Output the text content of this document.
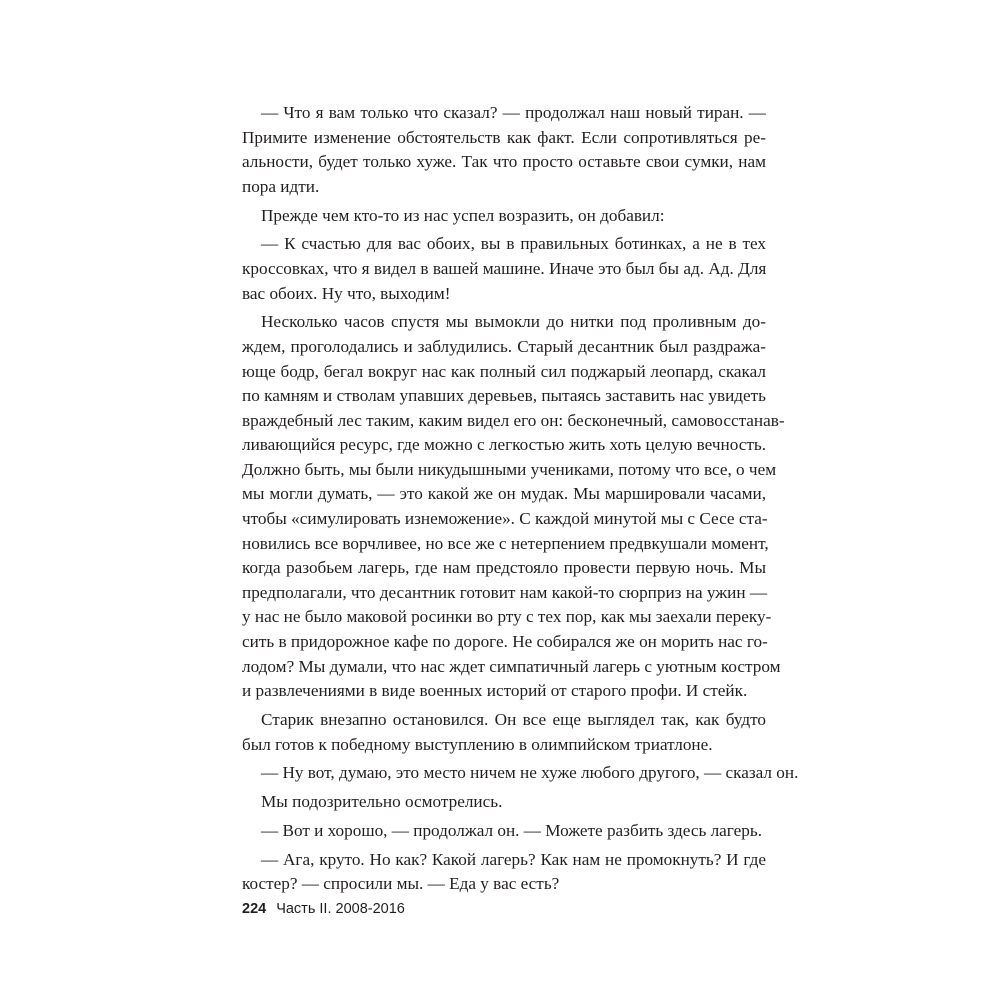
— Что я вам только что сказал? — продолжал наш новый тиран. —
Примите изменение обстоятельств как факт. Если сопротивляться ре-
альности, будет только хуже. Так что просто оставьте свои сумки, нам
пора идти.
Прежде чем кто-то из нас успел возразить, он добавил:
— К счастью для вас обоих, вы в правильных ботинках, а не в тех
кроссовках, что я видел в вашей машине. Иначе это был бы ад. Ад. Для
вас обоих. Ну что, выходим!
Несколько часов спустя мы вымокли до нитки под проливным до-
ждем, проголодались и заблудились. Старый десантник был раздража-
юще бодр, бегал вокруг нас как полный сил поджарый леопард, скакал
по камням и стволам упавших деревьев, пытаясь заставить нас увидеть
враждебный лес таким, каким видел его он: бесконечный, самовосстанав-
ливающийся ресурс, где можно с легкостью жить хоть целую вечность.
Должно быть, мы были никудышными учениками, потому что все, о чем
мы могли думать, — это какой же он мудак. Мы маршировали часами,
чтобы «симулировать изнеможение». С каждой минутой мы с Сесе ста-
новились все ворчливее, но все же с нетерпением предвкушали момент,
когда разобьем лагерь, где нам предстояло провести первую ночь. Мы
предполагали, что десантник готовит нам какой-то сюрприз на ужин —
у нас не было маковой росинки во рту с тех пор, как мы заехали переку-
сить в придорожное кафе по дороге. Не собирался же он морить нас го-
лодом? Мы думали, что нас ждет симпатичный лагерь с уютным костром
и развлечениями в виде военных историй от старого профи. И стейк.
Старик внезапно остановился. Он все еще выглядел так, как будто
был готов к победному выступлению в олимпийском триатлоне.
— Ну вот, думаю, это место ничем не хуже любого другого, — сказал он.
Мы подозрительно осмотрелись.
— Вот и хорошо, — продолжал он. — Можете разбить здесь лагерь.
— Ага, круто. Но как? Какой лагерь? Как нам не промокнуть? И где
костер? — спросили мы. — Еда у вас есть?
224 Часть II. 2008-2016
